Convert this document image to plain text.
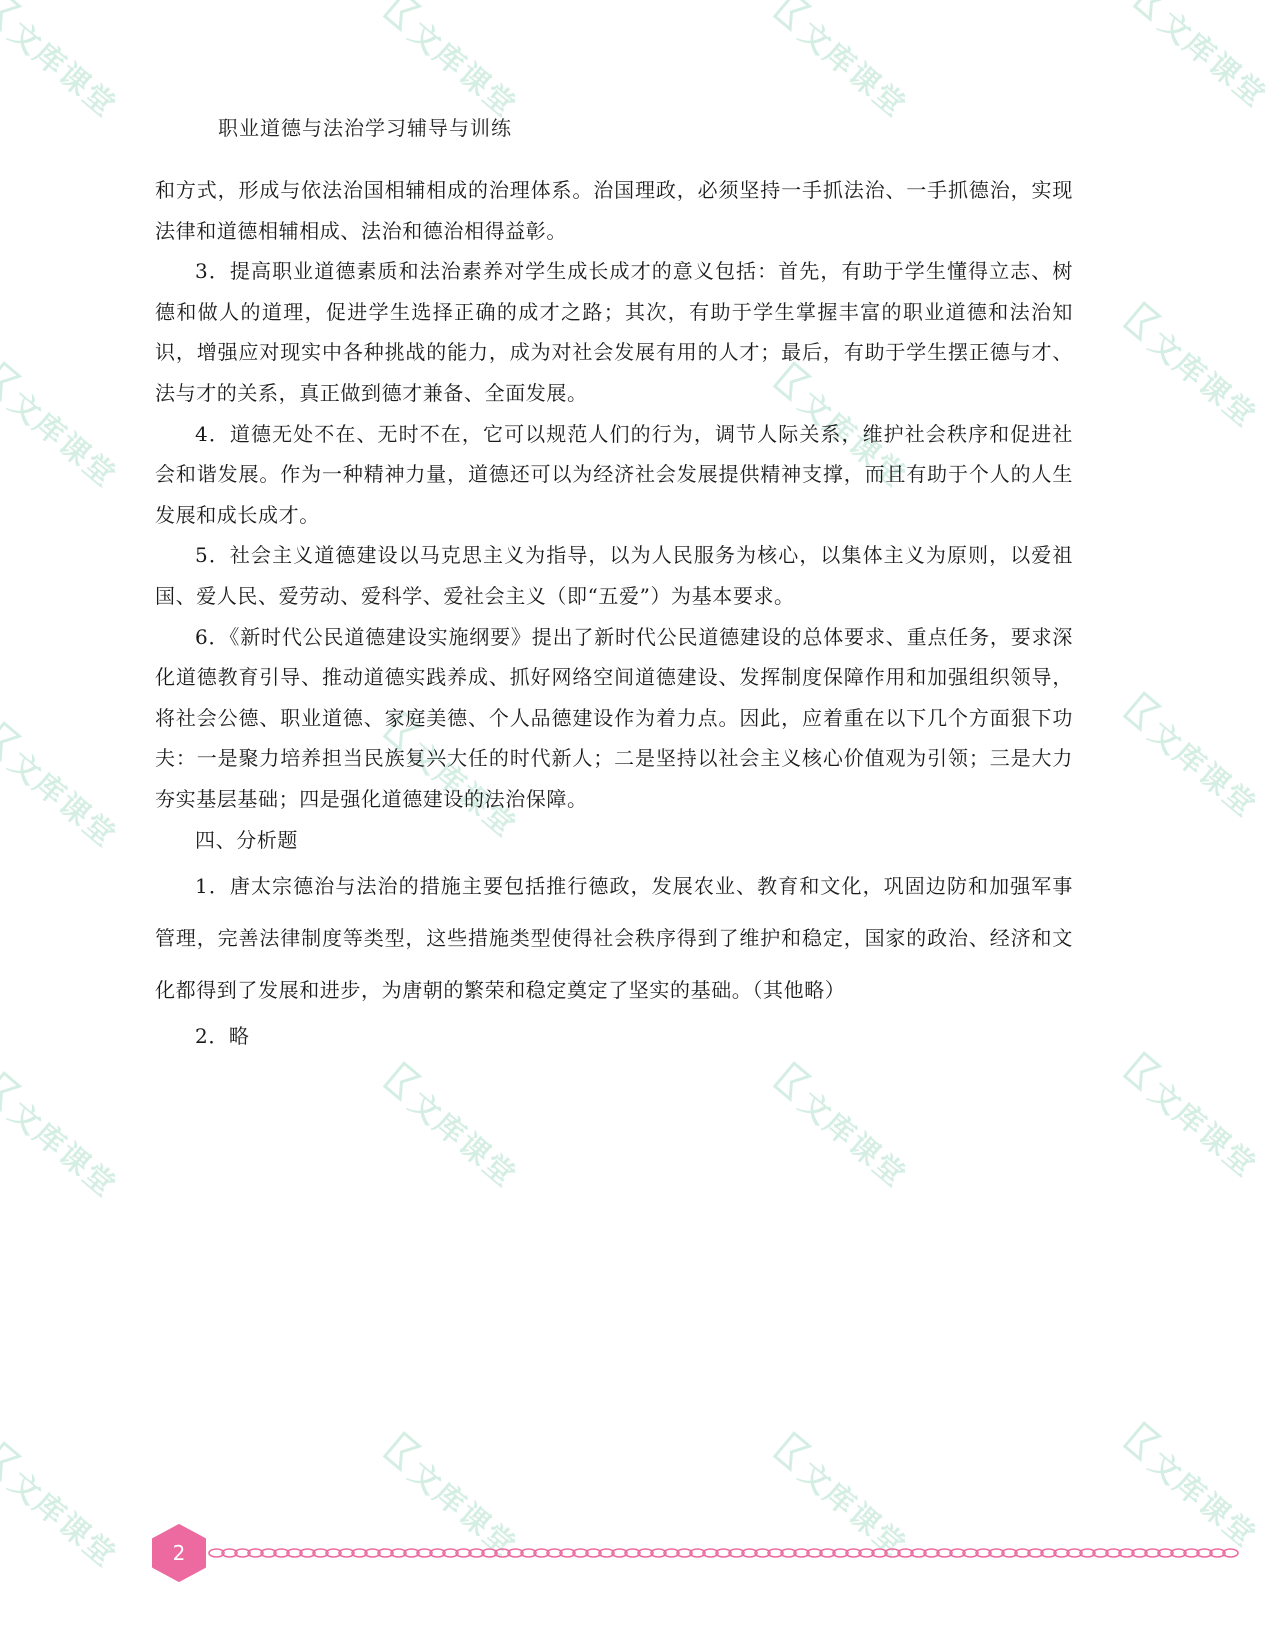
文库课堂	文库课堂	文库课堂	文库课堂
文库课堂	文库课堂
文库课堂
文库课堂	文库课堂	文库课堂
文库课堂	文库课堂	文库课堂	文库课堂
文库课堂	文库课堂	文库课堂	文库课堂
职业道德与法治学习辅导与训练

和方式，形成与依法治国相辅相成的治理体系。治国理政，必须坚持一手抓法治、一手抓德治，实现法律和道德相辅相成、法治和德治相得益彰。

3．提高职业道德素质和法治素养对学生成长成才的意义包括：首先，有助于学生懂得立志、树德和做人的道理，促进学生选择正确的成才之路；其次，有助于学生掌握丰富的职业道德和法治知识，增强应对现实中各种挑战的能力，成为对社会发展有用的人才；最后，有助于学生摆正德与才、法与才的关系，真正做到德才兼备、全面发展。

4．道德无处不在、无时不在，它可以规范人们的行为，调节人际关系，维护社会秩序和促进社会和谐发展。作为一种精神力量，道德还可以为经济社会发展提供精神支撑，而且有助于个人的人生发展和成长成才。

5．社会主义道德建设以马克思主义为指导，以为人民服务为核心，以集体主义为原则，以爱祖国、爱人民、爱劳动、爱科学、爱社会主义（即“五爱”）为基本要求。

6．《新时代公民道德建设实施纲要》提出了新时代公民道德建设的总体要求、重点任务，要求深化道德教育引导、推动道德实践养成、抓好网络空间道德建设、发挥制度保障作用和加强组织领导，将社会公德、职业道德、家庭美德、个人品德建设作为着力点。因此，应着重在以下几个方面狠下功夫：一是聚力培养担当民族复兴大任的时代新人；二是坚持以社会主义核心价值观为引领；三是大力夯实基层基础；四是强化道德建设的法治保障。

四、分析题

1．唐太宗德治与法治的措施主要包括推行德政，发展农业、教育和文化，巩固边防和加强军事管理，完善法律制度等类型，这些措施类型使得社会秩序得到了维护和稳定，国家的政治、经济和文化都得到了发展和进步，为唐朝的繁荣和稳定奠定了坚实的基础。（其他略）

2．略

2
